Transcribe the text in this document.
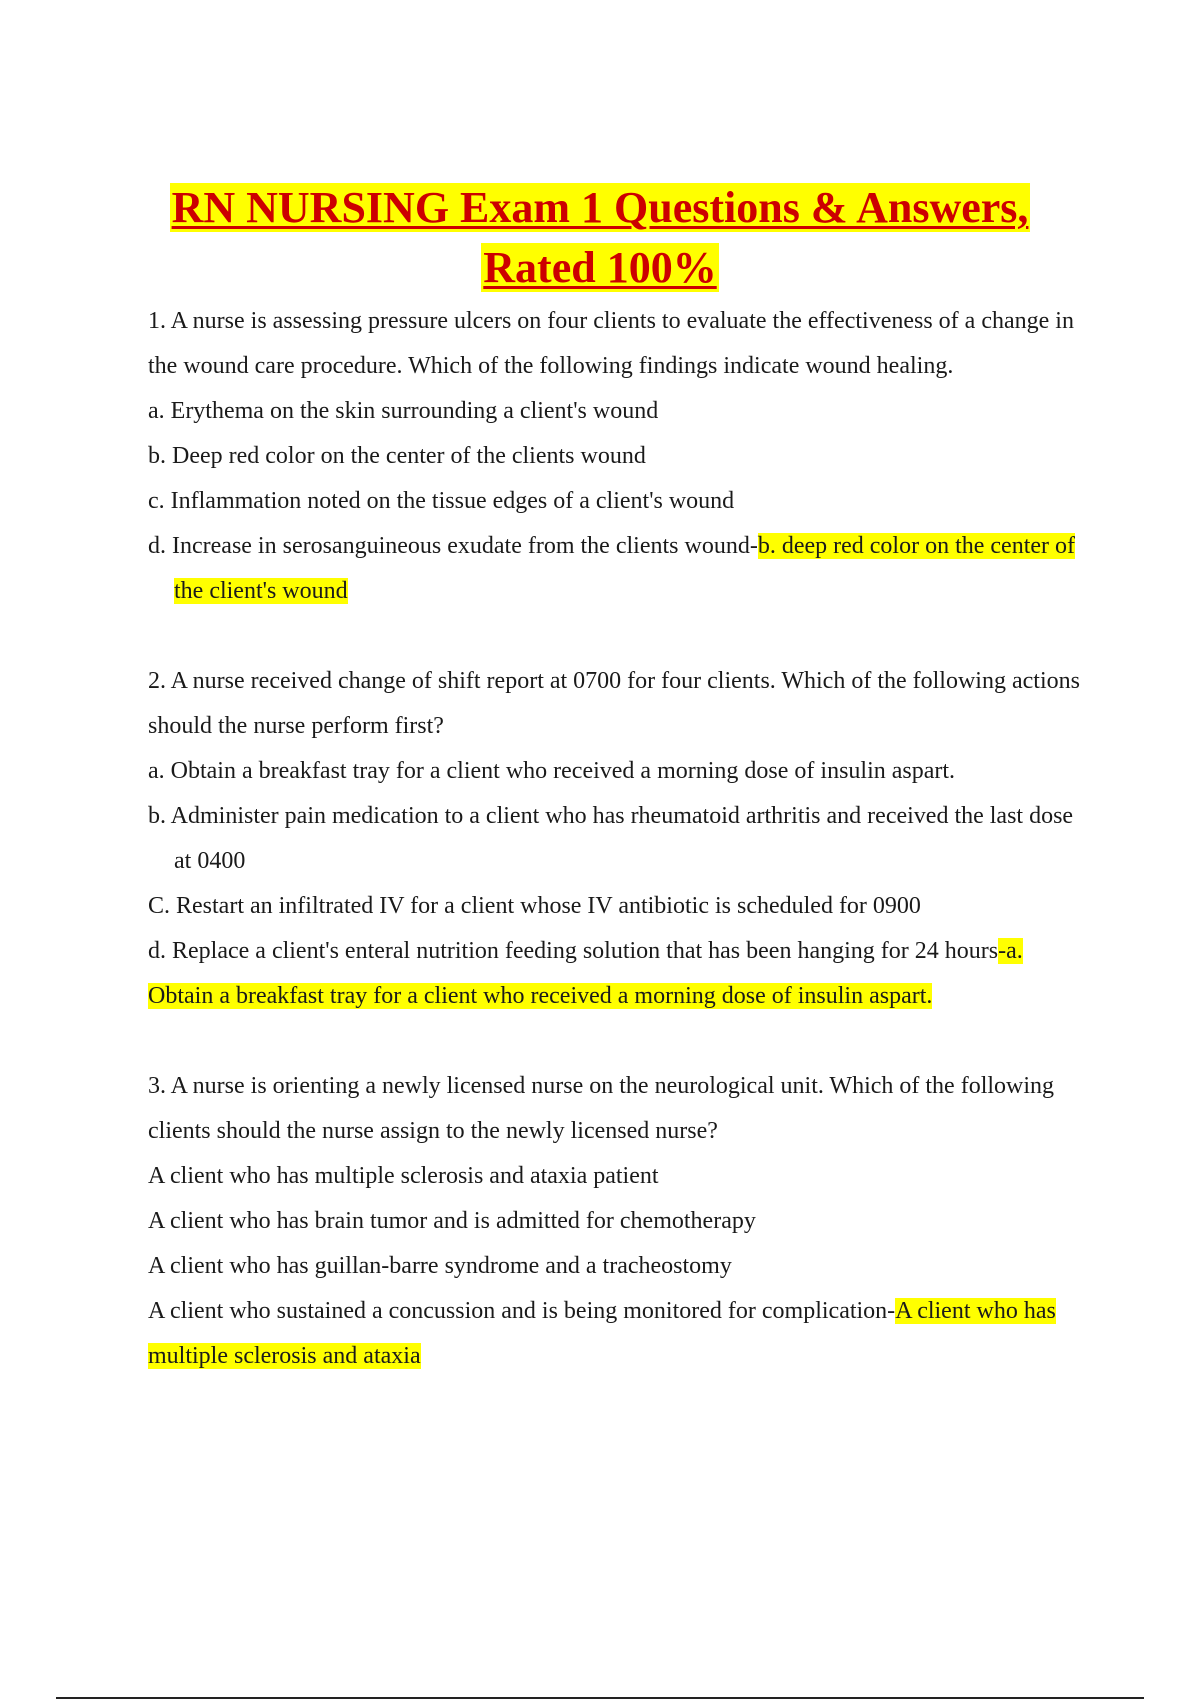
RN NURSING Exam 1 Questions & Answers,
Rated 100%

1. A nurse is assessing pressure ulcers on four clients to evaluate the effectiveness of a change in the wound care procedure. Which of the following findings indicate wound healing.

a. Erythema on the skin surrounding a client's wound

b. Deep red color on the center of the clients wound

c. Inflammation noted on the tissue edges of a client's wound

d. Increase in serosanguineous exudate from the clients wound-b. deep red color on the center of the client's wound

2. A nurse received change of shift report at 0700 for four clients. Which of the following actions should the nurse perform first?

a. Obtain a breakfast tray for a client who received a morning dose of insulin aspart.

b. Administer pain medication to a client who has rheumatoid arthritis and received the last dose at 0400

C. Restart an infiltrated IV for a client whose IV antibiotic is scheduled for 0900

d. Replace a client's enteral nutrition feeding solution that has been hanging for 24 hours-a. Obtain a breakfast tray for a client who received a morning dose of insulin aspart.

3. A nurse is orienting a newly licensed nurse on the neurological unit. Which of the following clients should the nurse assign to the newly licensed nurse?

A client who has multiple sclerosis and ataxia patient

A client who has brain tumor and is admitted for chemotherapy

A client who has guillan-barre syndrome and a tracheostomy

A client who sustained a concussion and is being monitored for complication-A client who has multiple sclerosis and ataxia
